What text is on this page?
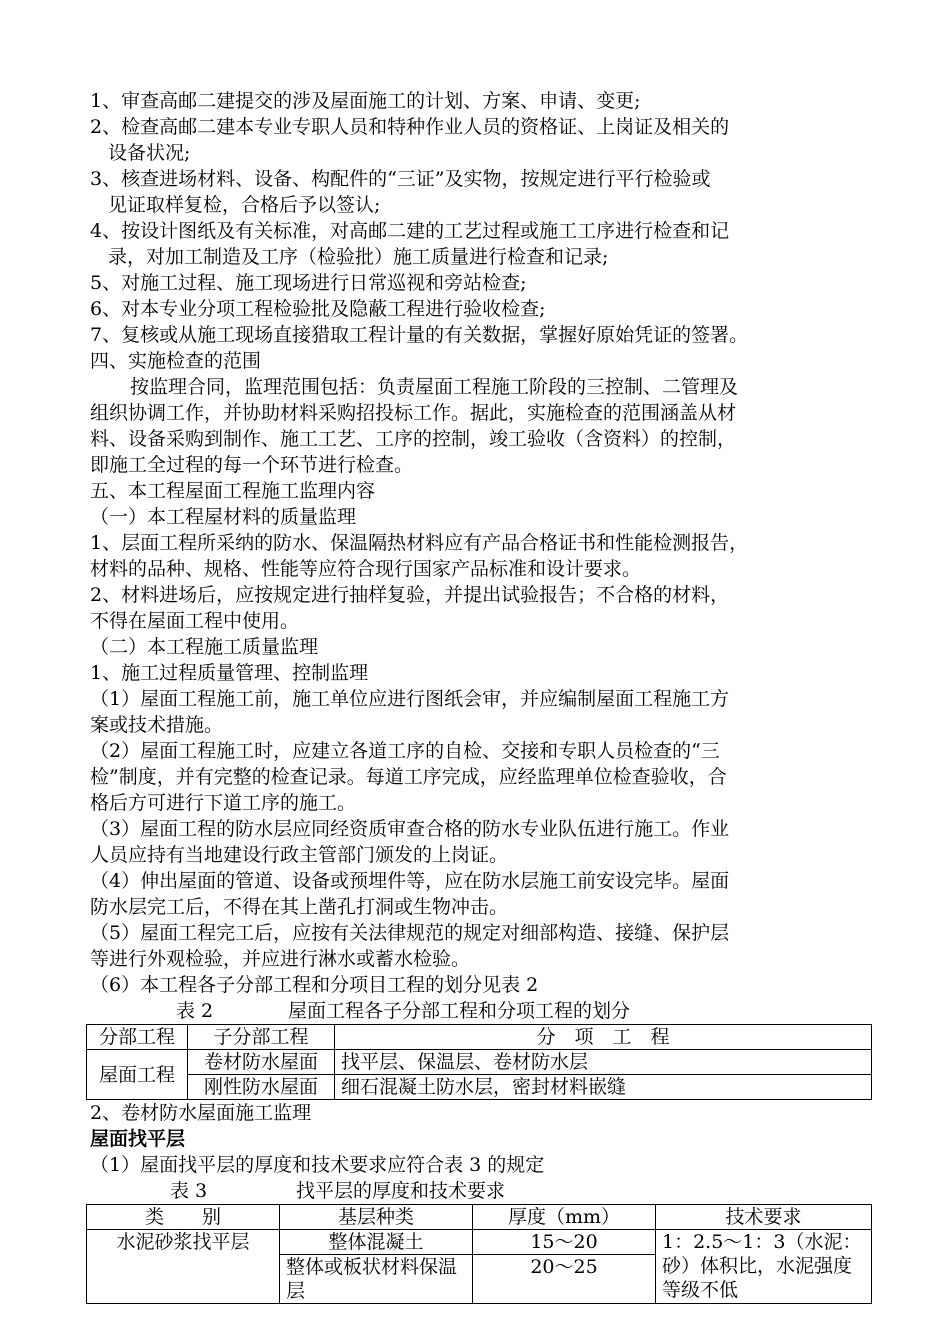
1、审查高邮二建提交的涉及屋面施工的计划、方案、申请、变更;

2、检查高邮二建本专业专职人员和特种作业人员的资格证、上岗证及相关的

设备状况;

3、核查进场材料、设备、构配件的“三证”及实物，按规定进行平行检验或

见证取样复检，合格后予以签认;

4、按设计图纸及有关标准，对高邮二建的工艺过程或施工工序进行检查和记

录，对加工制造及工序（检验批）施工质量进行检查和记录;

5、对施工过程、施工现场进行日常巡视和旁站检查;

6、对本专业分项工程检验批及隐蔽工程进行验收检查;

7、复核或从施工现场直接猎取工程计量的有关数据，掌握好原始凭证的签署。

四、实施检查的范围

按监理合同，监理范围包括：负责屋面工程施工阶段的三控制、二管理及

组织协调工作，并协助材料采购招投标工作。据此，实施检查的范围涵盖从材

料、设备采购到制作、施工工艺、工序的控制，竣工验收（含资料）的控制，

即施工全过程的每一个环节进行检查。

五、本工程屋面工程施工监理内容

（一）本工程屋材料的质量监理

1、层面工程所采纳的防水、保温隔热材料应有产品合格证书和性能检测报告，

材料的品种、规格、性能等应符合现行国家产品标准和设计要求。

2、材料进场后，应按规定进行抽样复验，并提出试验报告；不合格的材料，

不得在屋面工程中使用。

（二）本工程施工质量监理

1、施工过程质量管理、控制监理

（1）屋面工程施工前，施工单位应进行图纸会审，并应编制屋面工程施工方

案或技术措施。

（2）屋面工程施工时，应建立各道工序的自检、交接和专职人员检查的“三

检”制度，并有完整的检查记录。每道工序完成，应经监理单位检查验收，合

格后方可进行下道工序的施工。

（3）屋面工程的防水层应同经资质审查合格的防水专业队伍进行施工。作业

人员应持有当地建设行政主管部门颁发的上岗证。

（4）伸出屋面的管道、设备或预埋件等，应在防水层施工前安设完毕。屋面

防水层完工后，不得在其上凿孔打洞或生物冲击。

（5）屋面工程完工后，应按有关法律规范的规定对细部构造、接缝、保护层

等进行外观检验，并应进行淋水或蓄水检验。

（6）本工程各子分部工程和分项目工程的划分见表 2

表 2	屋面工程各子分部工程和分项工程的划分

分部工程	子分部工程	分　项　工　程
屋面工程	卷材防水屋面	找平层、保温层、卷材防水层
	刚性防水屋面	细石混凝土防水层，密封材料嵌缝

2、卷材防水屋面施工监理

屋面找平层

（1）屋面找平层的厚度和技术要求应符合表 3 的规定

表 3	找平层的厚度和技术要求

类　　别	基层种类	厚度（mm）	技术要求
水泥砂浆找平层	整体混凝土	15～20	1：2.5～1：3（水泥：砂）体积比，水泥强度等级不低
	整体或板状材料保温层	20～25	
